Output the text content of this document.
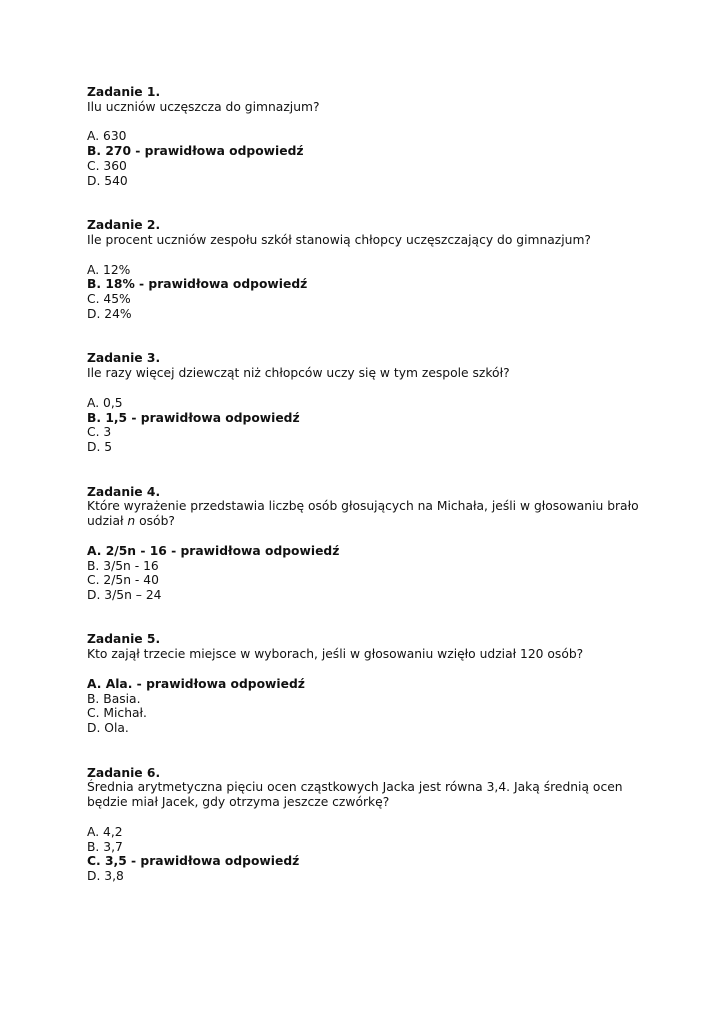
Zadanie 1.
Ilu uczniów uczęszcza do gimnazjum?
A. 630
B. 270 - prawidłowa odpowiedź
C. 360
D. 540
Zadanie 2.
Ile procent uczniów zespołu szkół stanowią chłopcy uczęszczający do gimnazjum?
A. 12%
B. 18% - prawidłowa odpowiedź
C. 45%
D. 24%
Zadanie 3.
Ile razy więcej dziewcząt niż chłopców uczy się w tym zespole szkół?
A. 0,5
B. 1,5 - prawidłowa odpowiedź
C. 3
D. 5
Zadanie 4.
Które wyrażenie przedstawia liczbę osób głosujących na Michała, jeśli w głosowaniu brało udział n osób?
A. 2/5n - 16 - prawidłowa odpowiedź
B. 3/5n - 16
C. 2/5n - 40
D. 3/5n – 24
Zadanie 5.
Kto zajął trzecie miejsce w wyborach, jeśli w głosowaniu wzięło udział 120 osób?
A. Ala. - prawidłowa odpowiedź
B. Basia.
C. Michał.
D. Ola.
Zadanie 6.
Średnia arytmetyczna pięciu ocen cząstkowych Jacka jest równa 3,4. Jaką średnią ocen będzie miał Jacek, gdy otrzyma jeszcze czwórkę?
A. 4,2
B. 3,7
C. 3,5 - prawidłowa odpowiedź
D. 3,8
